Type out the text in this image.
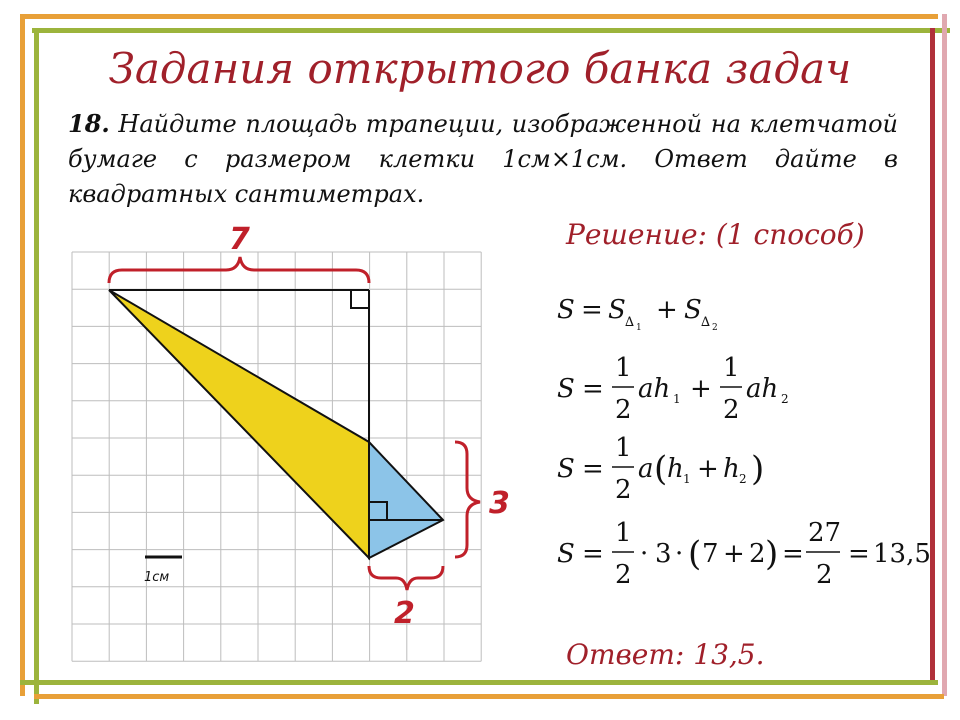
Задания открытого банка задач
18. Найдите площадь трапеции, изображенной на клетчатой бумаге с размером клетки 1см×1см. Ответ дайте в квадратных сантиметрах.
Решение: (1 способ)
S = S ∆ 1
+ S ∆ 2
S =
1
2
ah 1 +
1
2
ah 2
S =
1
2
a ( h 1 + h 2 )
S =
1
2
· 3 · ( 7 + 2 ) =
27
2
= 13,5
7
3
2
1см
Ответ: 13,5.
